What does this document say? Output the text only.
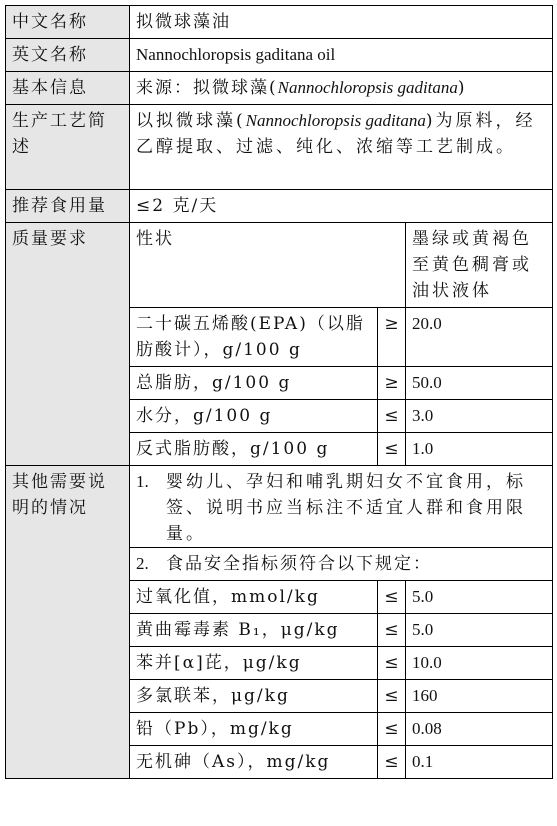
中文名称	拟微球藻油		
英文名称	Nannochloropsis gaditana oil		
基本信息	来源：拟微球藻(Nannochloropsis gaditana)		
生产工艺简述	以拟微球藻(Nannochloropsis gaditana)为原料，经乙醇提取、过滤、纯化、浓缩等工艺制成。		
推荐食用量	≤2 克/天		
质量要求	性状		墨绿或黄褐色至黄色稠膏或油状液体
	二十碳五烯酸(EPA)（以脂肪酸计），g/100 g	≥	20.0
	总脂肪，g/100 g	≥	50.0
	水分，g/100 g	≤	3.0
	反式脂肪酸，g/100 g	≤	1.0
其他需要说明的情况	1. 婴幼儿、孕妇和哺乳期妇女不宜食用，标签、说明书应当标注不适宜人群和食用限量。		

	2. 食品安全指标须符合以下规定：		

	过氧化值，mmol/kg	≤	5.0
	黄曲霉毒素 B₁，μg/kg	≤	5.0
	苯并[α]芘，μg/kg	≤	10.0
	多氯联苯，μg/kg	≤	160
	铅（Pb），mg/kg	≤	0.08
	无机砷（As），mg/kg	≤	0.1
